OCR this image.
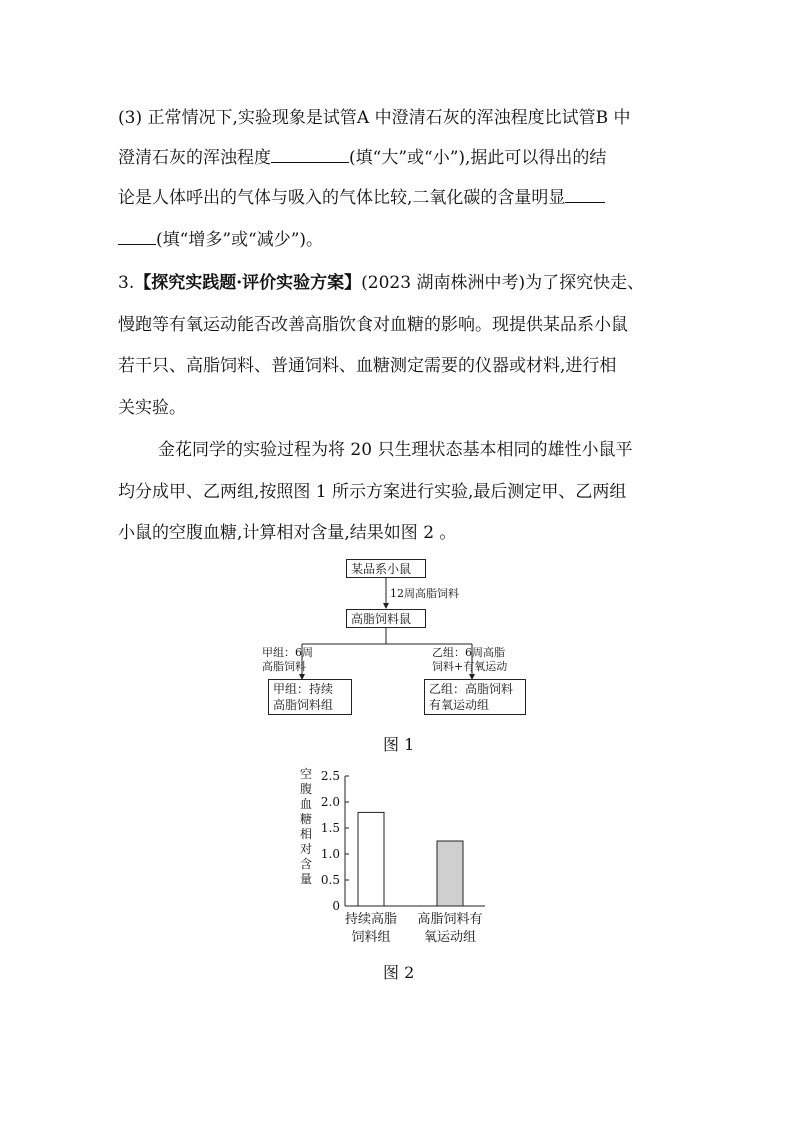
(3) 正常情况下,实验现象是试管A 中澄清石灰的浑浊程度比试管B 中
澄清石灰的浑浊程度	(填“大”或“小”),据此可以得出的结
论是人体呼出的气体与吸入的气体比较,二氧化碳的含量明显
(填“增多”或“减少”)。
3.【探究实践题·评价实验方案】(2023 湖南株洲中考)为了探究快走、
慢跑等有氧运动能否改善高脂饮食对血糖的影响。现提供某品系小鼠
若干只、高脂饲料、普通饲料、血糖测定需要的仪器或材料,进行相
关实验。
金花同学的实验过程为将 20 只生理状态基本相同的雄性小鼠平
均分成甲、乙两组,按照图 1 所示方案进行实验,最后测定甲、乙两组
小鼠的空腹血糖,计算相对含量,结果如图 2 。
某品系小鼠
12周高脂饲料
高脂饲料鼠
甲组：6周
高脂饲料
乙组：6周高脂
饲料+有氧运动
甲组：持续
高脂饲料组
乙组：高脂饲料
有氧运动组
图 1
空腹血糖相对含量
0
0.5
1.0
1.5
2.0
2.5
持续高脂
饲料组
高脂饲料有
氧运动组
图 2
